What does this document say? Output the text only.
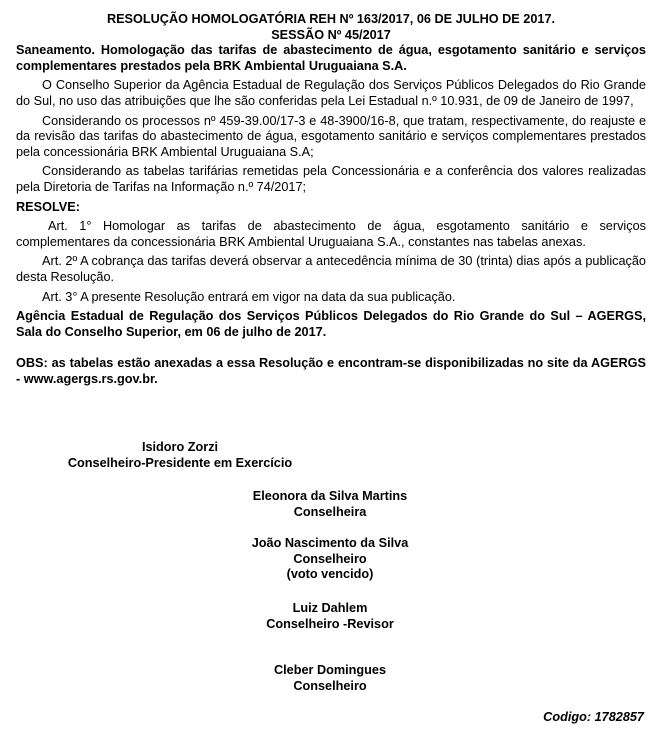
RESOLUÇÃO HOMOLOGATÓRIA REH Nº 163/2017, 06 DE JULHO DE 2017.

SESSÃO Nº 45/2017

Saneamento. Homologação das tarifas de abastecimento de água, esgotamento sanitário e serviços complementares prestados pela BRK Ambiental Uruguaiana S.A.

O Conselho Superior da Agência Estadual de Regulação dos Serviços Públicos Delegados do Rio Grande do Sul, no uso das atribuições que lhe são conferidas pela Lei Estadual n.º 10.931, de 09 de Janeiro de 1997,

Considerando os processos nº 459-39.00/17-3 e 48-3900/16-8, que tratam, respectivamente, do reajuste e da revisão das tarifas do abastecimento de água, esgotamento sanitário e serviços complementares prestados pela concessionária BRK Ambiental Uruguaiana S.A;

Considerando as tabelas tarifárias remetidas pela Concessionária e a conferência dos valores realizadas pela Diretoria de Tarifas na Informação n.º 74/2017;

RESOLVE:

Art. 1° Homologar as tarifas de abastecimento de água, esgotamento sanitário e serviços complementares da concessionária BRK Ambiental Uruguaiana S.A., constantes nas tabelas anexas.

Art. 2º A cobrança das tarifas deverá observar a antecedência mínima de 30 (trinta) dias após a publicação desta Resolução.

Art. 3° A presente Resolução entrará em vigor na data da sua publicação.

Agência Estadual de Regulação dos Serviços Públicos Delegados do Rio Grande do Sul – AGERGS, Sala do Conselho Superior, em 06 de julho de 2017.

OBS: as tabelas estão anexadas a essa Resolução e encontram-se disponibilizadas no site da AGERGS - www.agergs.rs.gov.br.

Isidoro Zorzi
Conselheiro-Presidente em Exercício
Eleonora da Silva Martins
Conselheira
João Nascimento da Silva
Conselheiro
(voto vencido)
Luiz Dahlem
Conselheiro -Revisor
Cleber Domingues
Conselheiro
Codigo: 1782857
